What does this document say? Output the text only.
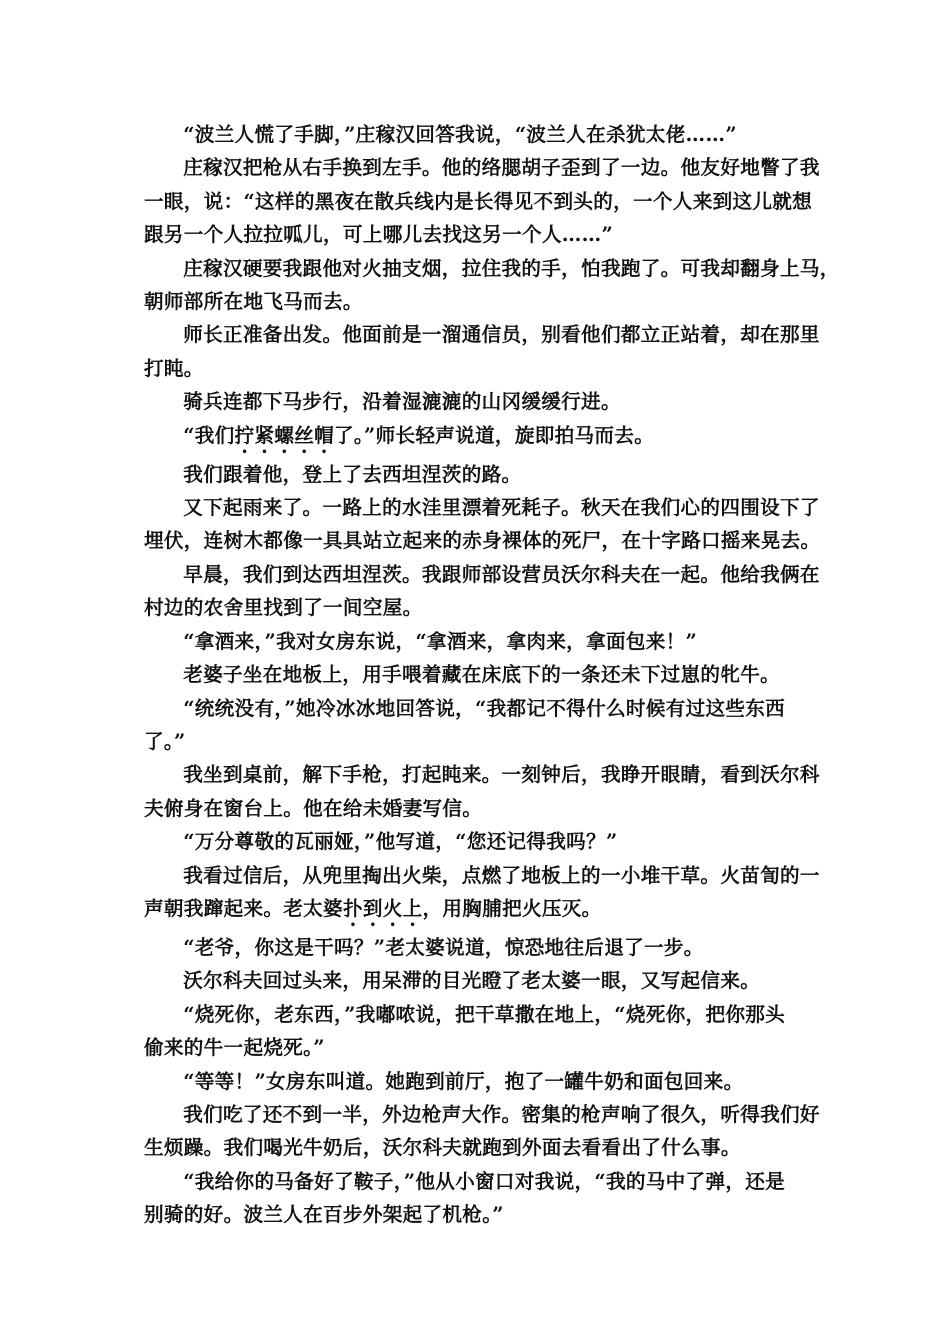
“波兰人慌了手脚，”庄稼汉回答我说，“波兰人在杀犹太佬……”

庄稼汉把枪从右手换到左手。他的络腮胡子歪到了一边。他友好地瞥了我
一眼，说：“这样的黑夜在散兵线内是长得见不到头的，一个人来到这儿就想
跟另一个人拉拉呱儿，可上哪儿去找这另一个人……”

庄稼汉硬要我跟他对火抽支烟，拉住我的手，怕我跑了。可我却翻身上马，
朝师部所在地飞马而去。

师长正准备出发。他面前是一溜通信员，别看他们都立正站着，却在那里
打盹。

骑兵连都下马步行，沿着湿漉漉的山冈缓缓行进。

“我们拧紧螺丝帽了。”师长轻声说道，旋即拍马而去。

我们跟着他，登上了去西坦涅茨的路。

又下起雨来了。一路上的水洼里漂着死耗子。秋天在我们心的四围设下了
埋伏，连树木都像一具具站立起来的赤身裸体的死尸，在十字路口摇来晃去。

早晨，我们到达西坦涅茨。我跟师部设营员沃尔科夫在一起。他给我俩在
村边的农舍里找到了一间空屋。

“拿酒来，”我对女房东说，“拿酒来，拿肉来，拿面包来！”

老婆子坐在地板上，用手喂着藏在床底下的一条还未下过崽的牝牛。

“统统没有，”她冷冰冰地回答说，“我都记不得什么时候有过这些东西
了。”

我坐到桌前，解下手枪，打起盹来。一刻钟后，我睁开眼睛，看到沃尔科
夫俯身在窗台上。他在给未婚妻写信。

“万分尊敬的瓦丽娅，”他写道，“您还记得我吗？”

我看过信后，从兜里掏出火柴，点燃了地板上的一小堆干草。火苗訇的一
声朝我蹿起来。老太婆扑到火上，用胸脯把火压灭。

“老爷，你这是干吗？”老太婆说道，惊恐地往后退了一步。

沃尔科夫回过头来，用呆滞的目光瞪了老太婆一眼，又写起信来。

“烧死你，老东西，”我嘟哝说，把干草撒在地上，“烧死你，把你那头
偷来的牛一起烧死。”

“等等！”女房东叫道。她跑到前厅，抱了一罐牛奶和面包回来。

我们吃了还不到一半，外边枪声大作。密集的枪声响了很久，听得我们好
生烦躁。我们喝光牛奶后，沃尔科夫就跑到外面去看看出了什么事。

“我给你的马备好了鞍子，”他从小窗口对我说，“我的马中了弹，还是
别骑的好。波兰人在百步外架起了机枪。”
